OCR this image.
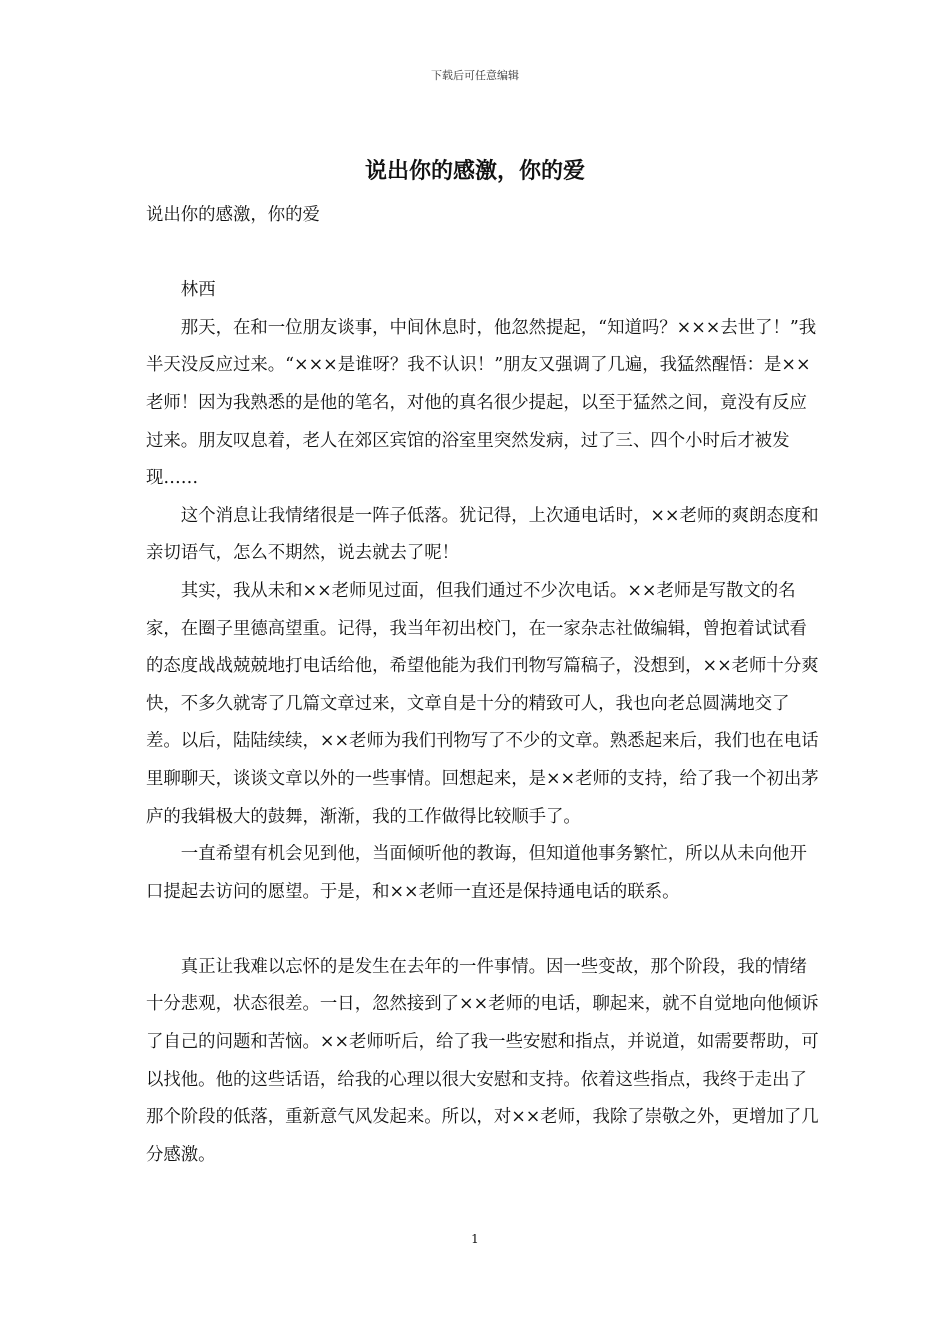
下载后可任意编辑
说出你的感激，你的爱

说出你的感激，你的爱

林西

那天，在和一位朋友谈事，中间休息时，他忽然提起，“知道吗？×××去世了！”我半天没反应过来。“×××是谁呀？我不认识！”朋友又强调了几遍，我猛然醒悟：是××老师！因为我熟悉的是他的笔名，对他的真名很少提起，以至于猛然之间，竟没有反应过来。朋友叹息着，老人在郊区宾馆的浴室里突然发病，过了三、四个小时后才被发现……

这个消息让我情绪很是一阵子低落。犹记得，上次通电话时，××老师的爽朗态度和亲切语气，怎么不期然，说去就去了呢！

其实，我从未和××老师见过面，但我们通过不少次电话。××老师是写散文的名家，在圈子里德高望重。记得，我当年初出校门，在一家杂志社做编辑，曾抱着试试看的态度战战兢兢地打电话给他，希望他能为我们刊物写篇稿子，没想到，××老师十分爽快，不多久就寄了几篇文章过来，文章自是十分的精致可人，我也向老总圆满地交了差。以后，陆陆续续，××老师为我们刊物写了不少的文章。熟悉起来后，我们也在电话里聊聊天，谈谈文章以外的一些事情。回想起来，是××老师的支持，给了我一个初出茅庐的我辑极大的鼓舞，渐渐，我的工作做得比较顺手了。

一直希望有机会见到他，当面倾听他的教诲，但知道他事务繁忙，所以从未向他开口提起去访问的愿望。于是，和××老师一直还是保持通电话的联系。

真正让我难以忘怀的是发生在去年的一件事情。因一些变故，那个阶段，我的情绪十分悲观，状态很差。一日，忽然接到了××老师的电话，聊起来，就不自觉地向他倾诉了自己的问题和苦恼。××老师听后，给了我一些安慰和指点，并说道，如需要帮助，可以找他。他的这些话语，给我的心理以很大安慰和支持。依着这些指点，我终于走出了那个阶段的低落，重新意气风发起来。所以，对××老师，我除了崇敬之外，更增加了几分感激。

1
